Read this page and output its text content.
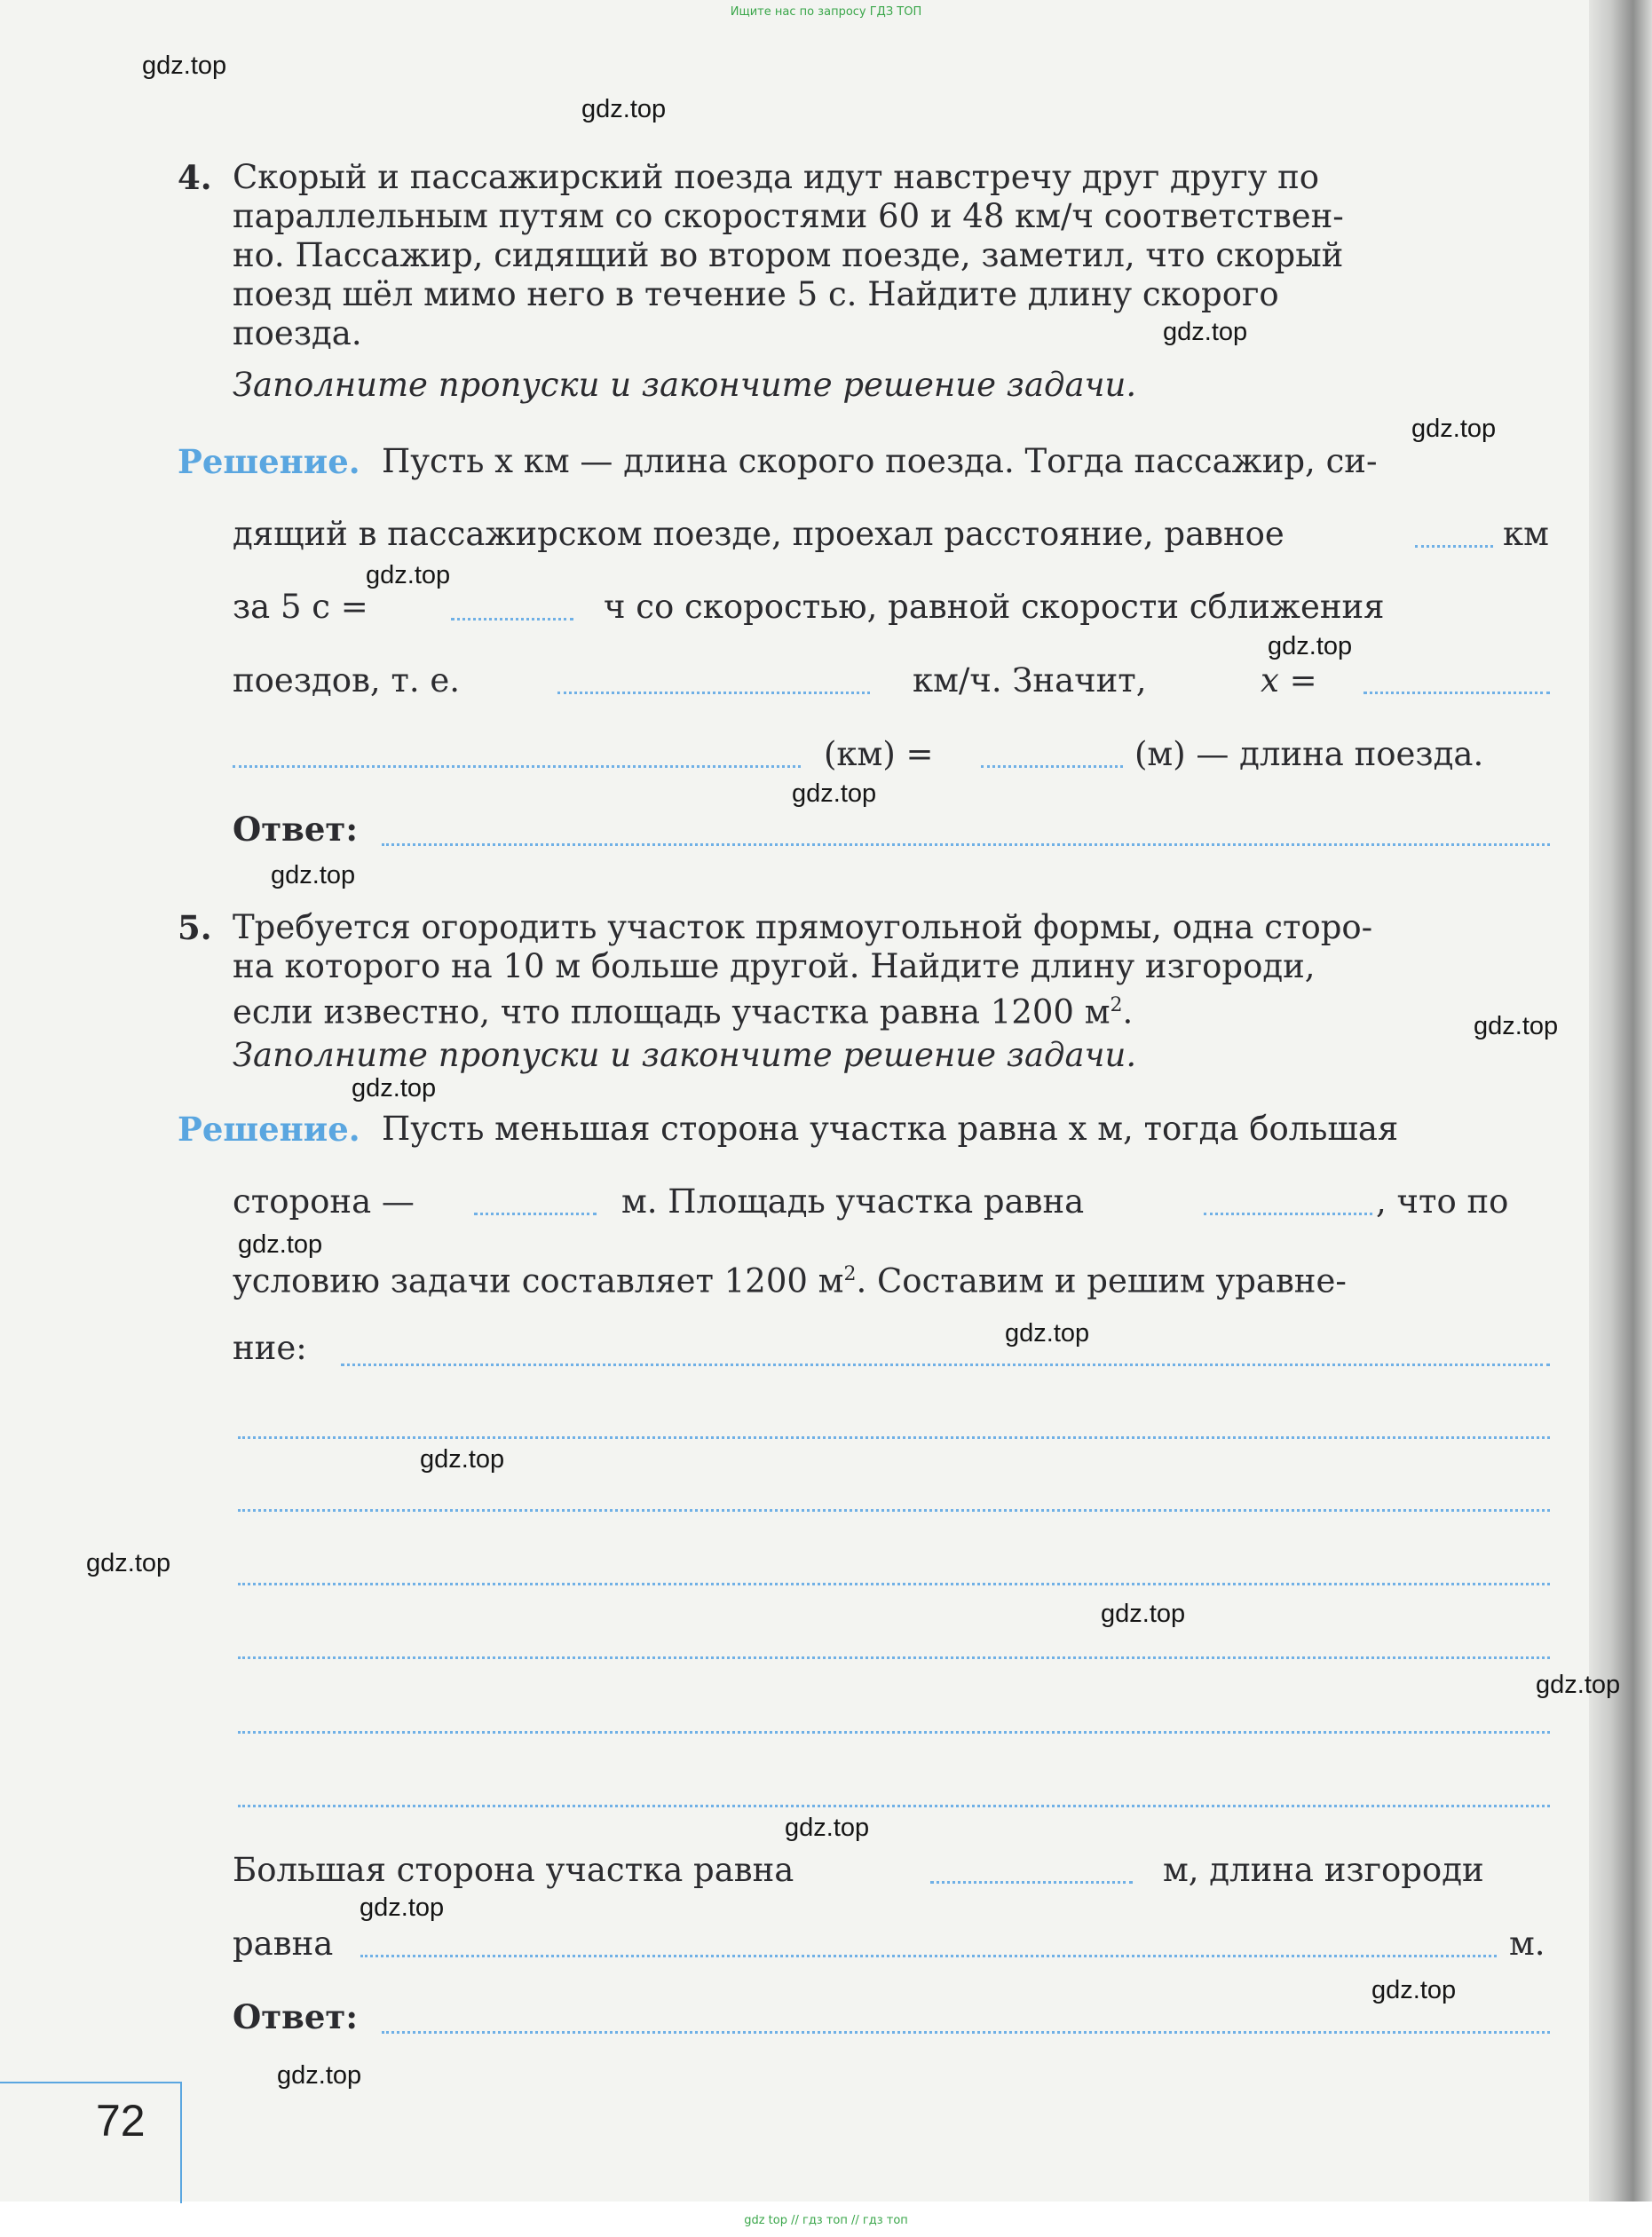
Ищите нас по запросу ГДЗ ТОП
gdz top // гдз топ // гдз топ
gdz.top
gdz.top
gdz.top
gdz.top
gdz.top
gdz.top
gdz.top
gdz.top
gdz.top
gdz.top
gdz.top
gdz.top
gdz.top
gdz.top
gdz.top
gdz.top
gdz.top
gdz.top
gdz.top
gdz.top
4. Скорый и пассажирский поезда идут навстречу друг другу по
параллельным путям со скоростями 60 и 48 км/ч соответствен-
но. Пассажир, сидящий во втором поезде, заметил, что скорый
поезд шёл мимо него в течение 5 с. Найдите длину скорого
поезда.
Заполните пропуски и закончите решение задачи.
Решение. Пусть x км — длина скорого поезда. Тогда пассажир, си-
дящий в пассажирском поезде, проехал расстояние, равное	км
за 5 с =	ч со скоростью, равной скорости сближения
поездов, т. е.	км/ч. Значит,	x =
(км) =	(м) — длина поезда.
Ответ:
5. Требуется огородить участок прямоугольной формы, одна сторо-
на которого на 10 м больше другой. Найдите длину изгороди,
если известно, что площадь участка равна 1200 $м^2$.
Заполните пропуски и закончите решение задачи.
Решение. Пусть меньшая сторона участка равна x м, тогда большая
сторона —	м. Площадь участка равна	, что по
условию задачи составляет 1200 $м^2$. Составим и решим уравне-
ние:
Большая сторона участка равна	м, длина изгороди
равна	м.
Ответ:
72
